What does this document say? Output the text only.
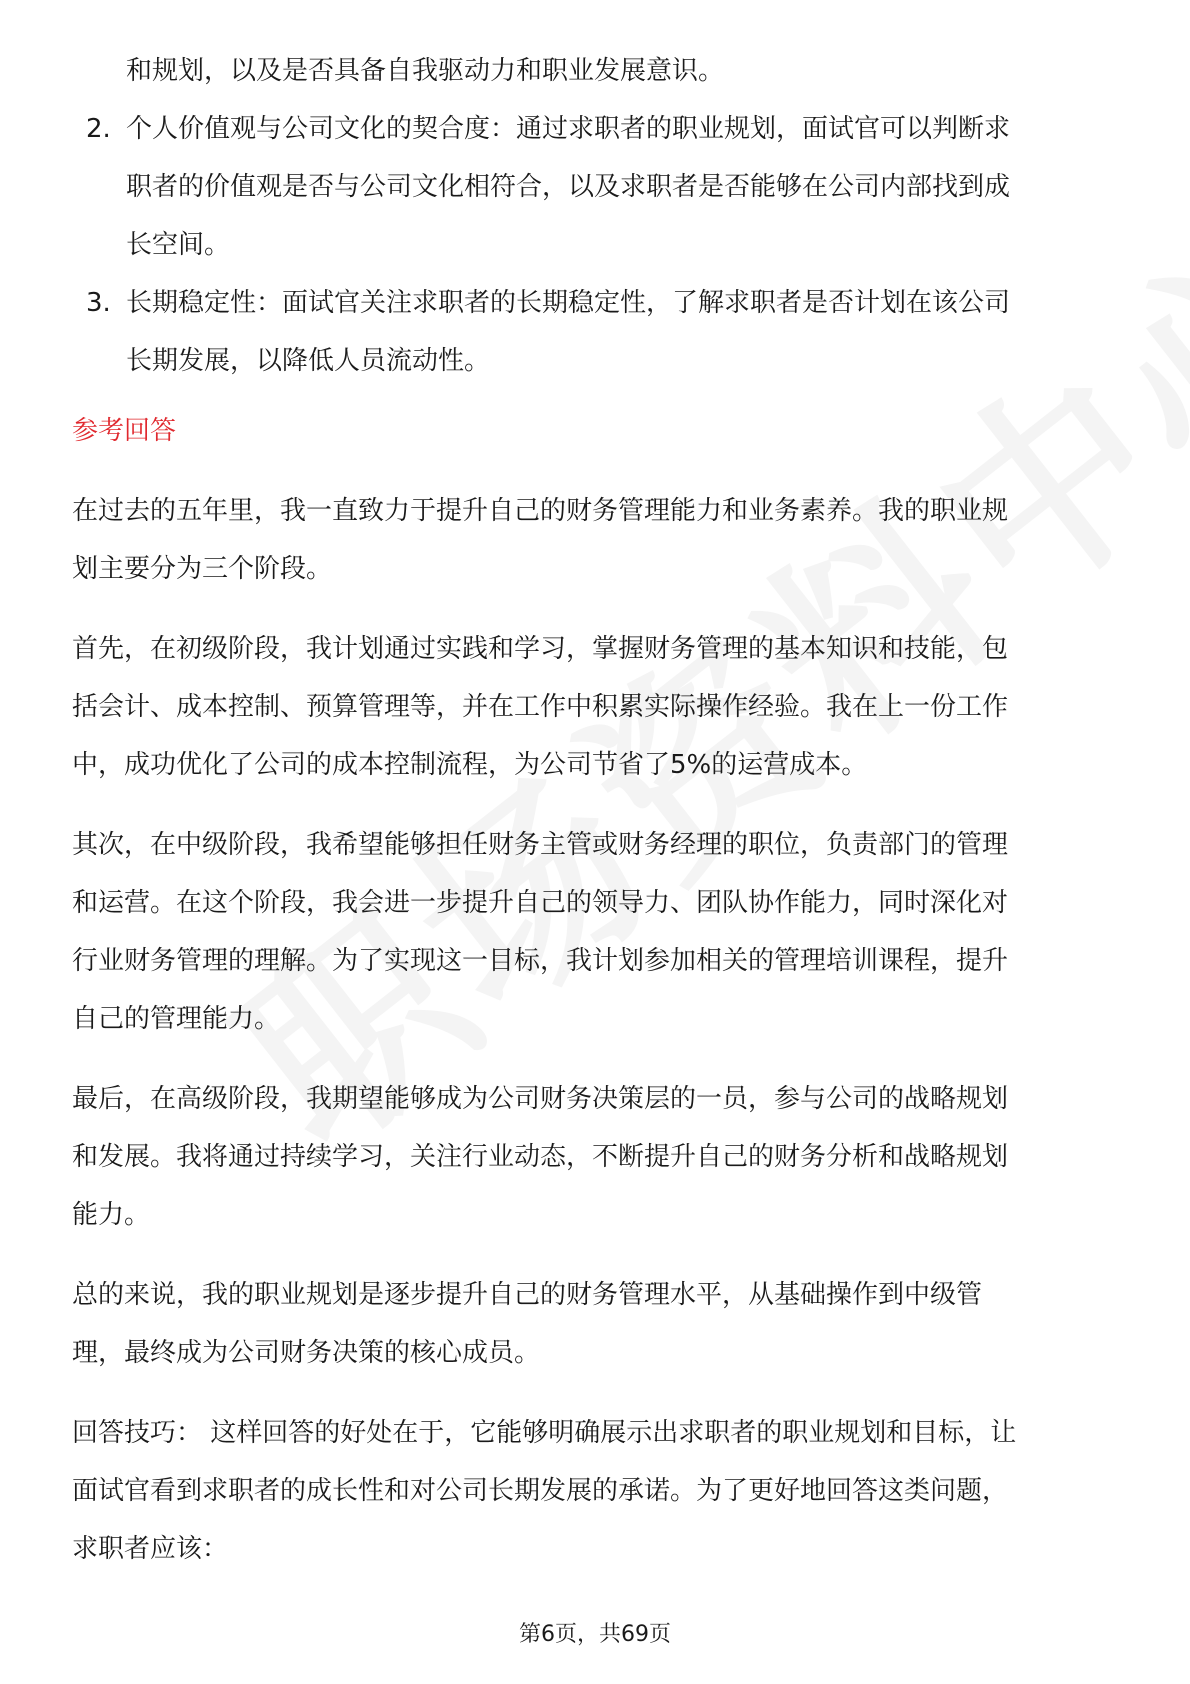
和规划，以及是否具备自我驱动力和职业发展意识。
2. 个人价值观与公司文化的契合度：通过求职者的职业规划，面试官可以判断求
职者的价值观是否与公司文化相符合，以及求职者是否能够在公司内部找到成
长空间。
3. 长期稳定性：面试官关注求职者的长期稳定性，了解求职者是否计划在该公司
长期发展，以降低人员流动性。
参考回答
在过去的五年里，我一直致力于提升自己的财务管理能力和业务素养。我的职业规
划主要分为三个阶段。
首先，在初级阶段，我计划通过实践和学习，掌握财务管理的基本知识和技能，包
括会计、成本控制、预算管理等，并在工作中积累实际操作经验。我在上一份工作
中，成功优化了公司的成本控制流程，为公司节省了5%的运营成本。
其次，在中级阶段，我希望能够担任财务主管或财务经理的职位，负责部门的管理
和运营。在这个阶段，我会进一步提升自己的领导力、团队协作能力，同时深化对
行业财务管理的理解。为了实现这一目标，我计划参加相关的管理培训课程，提升
自己的管理能力。
最后，在高级阶段，我期望能够成为公司财务决策层的一员，参与公司的战略规划
和发展。我将通过持续学习，关注行业动态，不断提升自己的财务分析和战略规划
能力。
总的来说，我的职业规划是逐步提升自己的财务管理水平，从基础操作到中级管
理，最终成为公司财务决策的核心成员。
回答技巧： 这样回答的好处在于，它能够明确展示出求职者的职业规划和目标，让
面试官看到求职者的成长性和对公司长期发展的承诺。为了更好地回答这类问题，
求职者应该：
第6页，共69页
